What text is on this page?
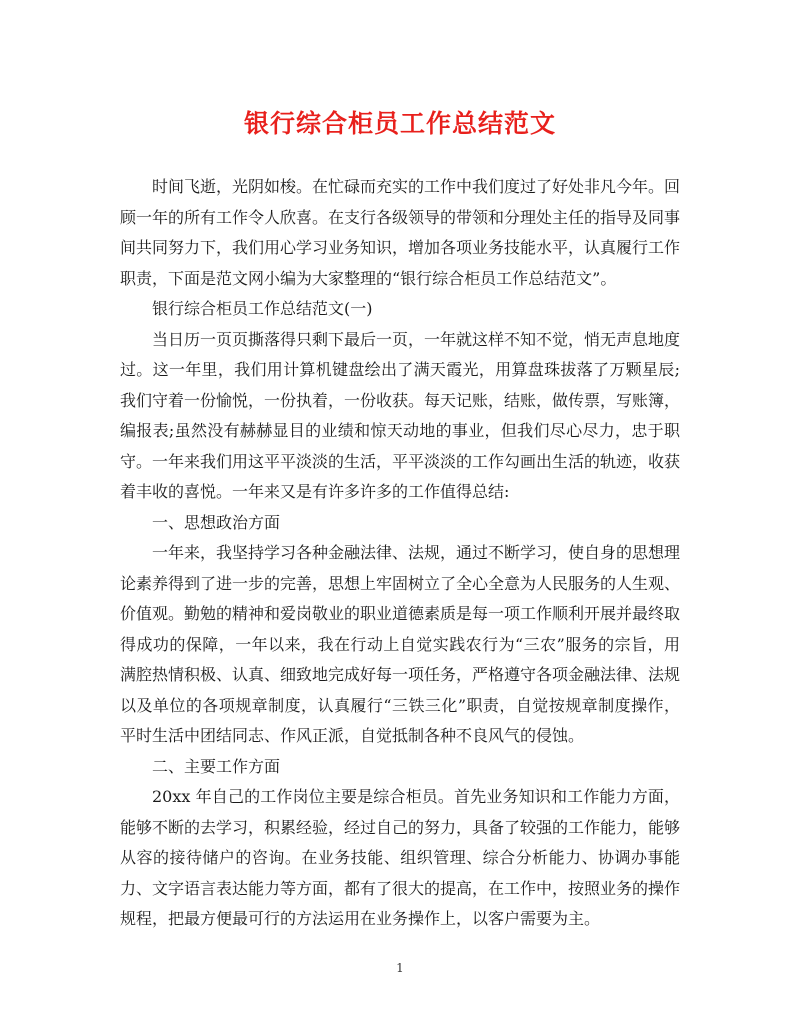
银行综合柜员工作总结范文

时间飞逝，光阴如梭。在忙碌而充实的工作中我们度过了好处非凡今年。回顾一年的所有工作令人欣喜。在支行各级领导的带领和分理处主任的指导及同事间共同努力下，我们用心学习业务知识，增加各项业务技能水平，认真履行工作职责，下面是范文网小编为大家整理的“银行综合柜员工作总结范文”。

银行综合柜员工作总结范文(一)

当日历一页页撕落得只剩下最后一页，一年就这样不知不觉，悄无声息地度过。这一年里，我们用计算机键盘绘出了满天霞光，用算盘珠拔落了万颗星辰;我们守着一份愉悦，一份执着，一份收获。每天记账，结账，做传票，写账簿，编报表;虽然没有赫赫显目的业绩和惊天动地的事业，但我们尽心尽力，忠于职守。一年来我们用这平平淡淡的生活，平平淡淡的工作勾画出生活的轨迹，收获着丰收的喜悦。一年来又是有许多许多的工作值得总结:

一、思想政治方面

一年来，我坚持学习各种金融法律、法规，通过不断学习，使自身的思想理论素养得到了进一步的完善，思想上牢固树立了全心全意为人民服务的人生观、价值观。勤勉的精神和爱岗敬业的职业道德素质是每一项工作顺利开展并最终取得成功的保障，一年以来，我在行动上自觉实践农行为“三农”服务的宗旨，用满腔热情积极、认真、细致地完成好每一项任务，严格遵守各项金融法律、法规以及单位的各项规章制度，认真履行“三铁三化”职责，自觉按规章制度操作，平时生活中团结同志、作风正派，自觉抵制各种不良风气的侵蚀。

二、主要工作方面

20xx 年自己的工作岗位主要是综合柜员。首先业务知识和工作能力方面，能够不断的去学习，积累经验，经过自己的努力，具备了较强的工作能力，能够从容的接待储户的咨询。在业务技能、组织管理、综合分析能力、协调办事能力、文字语言表达能力等方面，都有了很大的提高，在工作中，按照业务的操作规程，把最方便最可行的方法运用在业务操作上，以客户需要为主。

1
